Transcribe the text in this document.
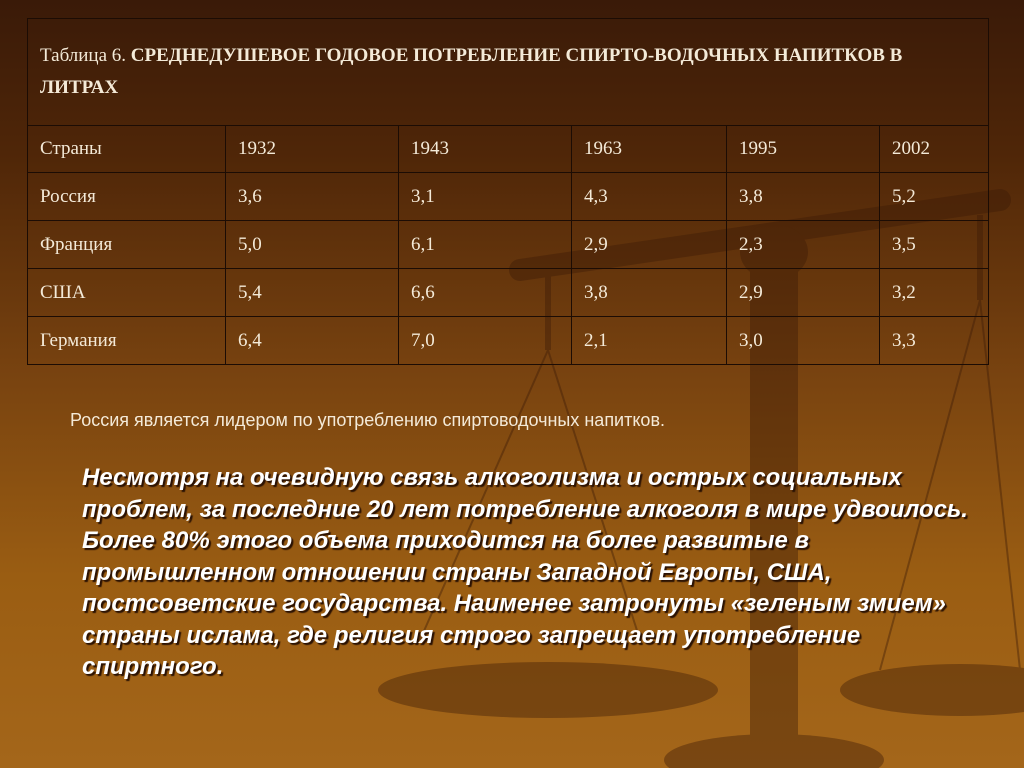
Таблица 6. СРЕДНЕДУШЕВОЕ ГОДОВОЕ ПОТРЕБЛЕНИЕ СПИРТО-ВОДОЧНЫХ НАПИТКОВ В ЛИТРАХ					
Страны	1932	1943	1963	1995	2002
Россия	3,6	3,1	4,3	3,8	5,2
Франция	5,0	6,1	2,9	2,3	3,5
США	5,4	6,6	3,8	2,9	3,2
Германия	6,4	7,0	2,1	3,0	3,3
Россия является лидером по употреблению спиртоводочных напитков.
Несмотря на очевидную связь алкоголизма и острых социальных проблем, за последние 20 лет потребление алкоголя в мире удвоилось. Более 80% этого объема приходится на более развитые в промышленном отношении страны Западной Европы, США, постсоветские государства. Наименее затронуты «зеленым змием» страны ислама, где религия строго запрещает употребление спиртного.
